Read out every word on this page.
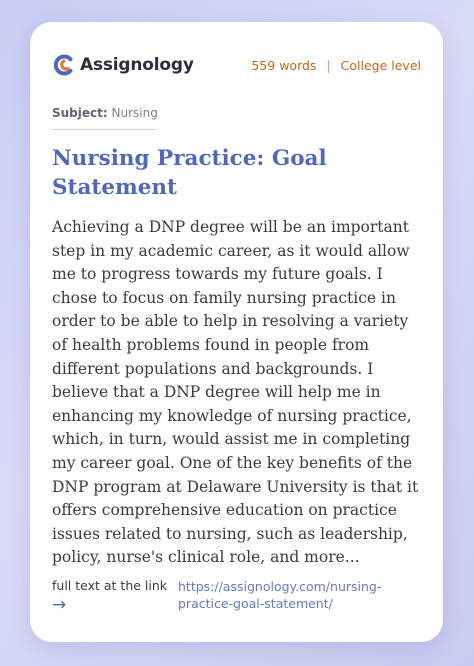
Assignology	559 words | College level
Subject: Nursing
Nursing Practice: Goal Statement
Achieving a DNP degree will be an important step in my academic career, as it would allow me to progress towards my future goals. I chose to focus on family nursing practice in order to be able to help in resolving a variety of health problems found in people from different populations and backgrounds. I believe that a DNP degree will help me in enhancing my knowledge of nursing practice, which, in turn, would assist me in completing my career goal. One of the key benefits of the DNP program at Delaware University is that it offers comprehensive education on practice issues related to nursing, such as leadership, policy, nurse's clinical role, and more...
full text at the link
→
https://assignology.com/nursing-practice-goal-statement/
